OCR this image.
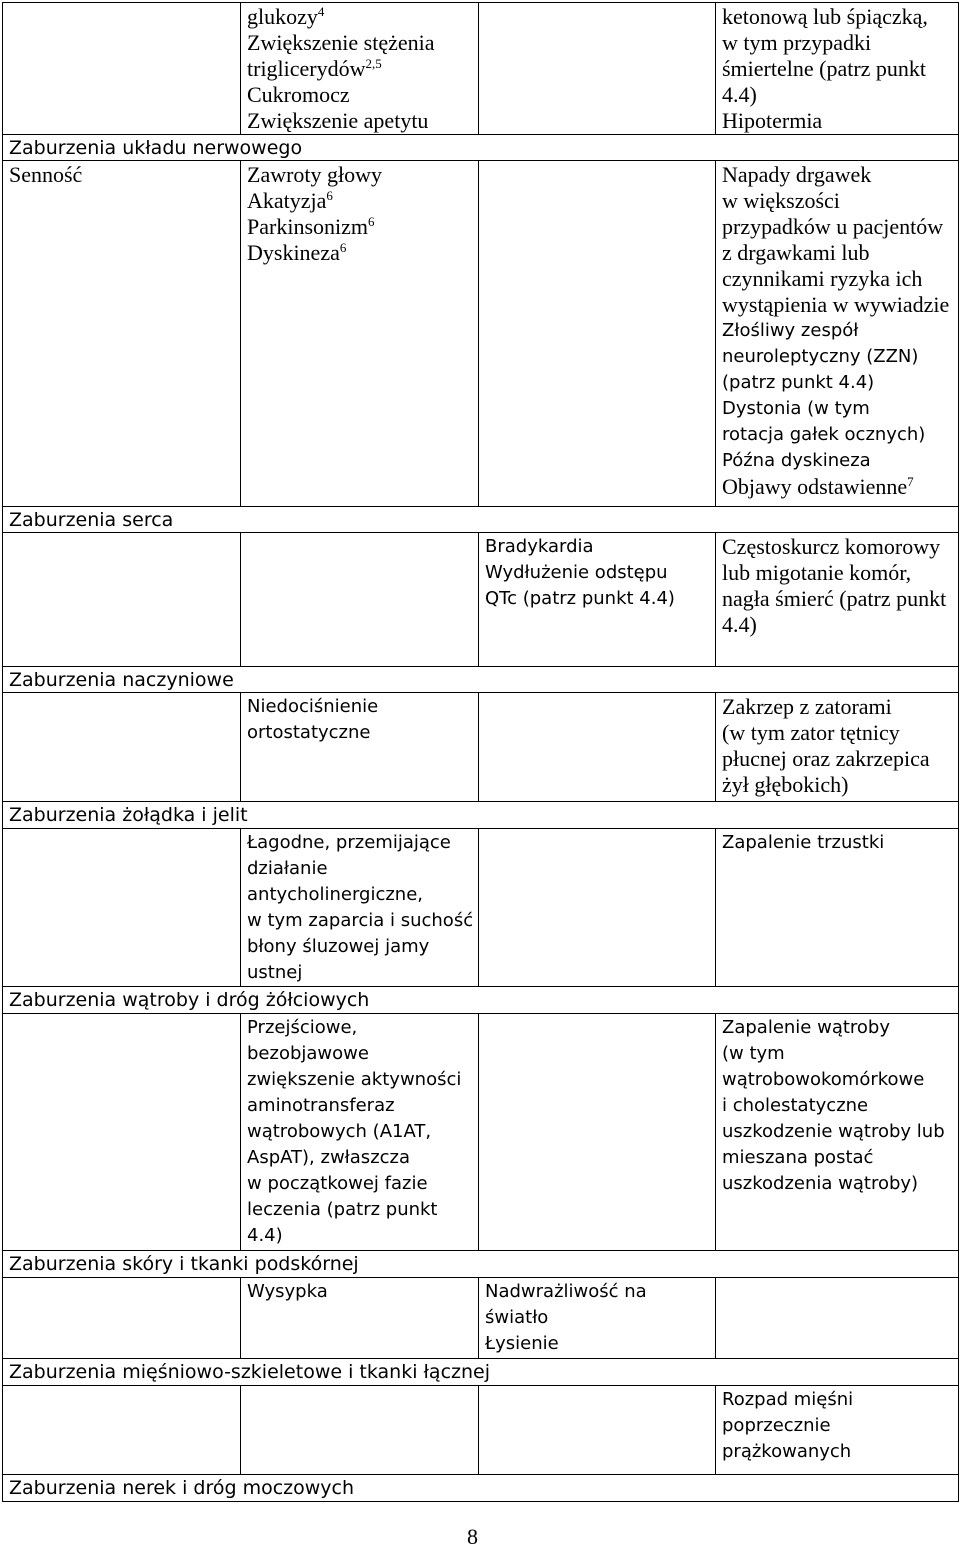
glukozy$^4$
Zwiększenie stężenia
triglicerydów$^{2,5}$
Cukromocz
Zwiększenie apetytu
ketonową lub śpiączką,
w tym przypadki
śmiertelne (patrz punkt
4.4)
Hipotermia
Zaburzenia układu nerwowego
Senność	Zawroty głowy
Akatyzja$^6$
Parkinsonizm$^6$
Dyskineza$^6$
Napady drgawek
w większości
przypadków u pacjentów
z drgawkami lub
czynnikami ryzyka ich
wystąpienia w wywiadzie
Złośliwy zespół
neuroleptyczny (ZZN)
(patrz punkt 4.4)
Dystonia (w tym
rotacja gałek ocznych)
Późna dyskineza
Objawy odstawienne$^7$
Zaburzenia serca
Bradykardia
Wydłużenie odstępu
QTc (patrz punkt 4.4)
Częstoskurcz komorowy
lub migotanie komór,
nagła śmierć (patrz punkt
4.4)
Zaburzenia naczyniowe
Niedociśnienie
ortostatyczne
Zakrzep z zatorami
(w tym zator tętnicy
płucnej oraz zakrzepica
żył głębokich)
Zaburzenia żołądka i jelit
Łagodne, przemijające
działanie
antycholinergiczne,
w tym zaparcia i suchość
błony śluzowej jamy
ustnej
Zapalenie trzustki
Zaburzenia wątroby i dróg żółciowych
Przejściowe,
bezobjawowe
zwiększenie aktywności
aminotransferaz
wątrobowych (A1AT,
AspAT), zwłaszcza
w początkowej fazie
leczenia (patrz punkt
4.4)
Zapalenie wątroby
(w tym
wątrobowokomórkowe
i cholestatyczne
uszkodzenie wątroby lub
mieszana postać
uszkodzenia wątroby)
Zaburzenia skóry i tkanki podskórnej
Wysypka	Nadwrażliwość na
światło
Łysienie
Zaburzenia mięśniowo-szkieletowe i tkanki łącznej
Rozpad mięśni
poprzecznie
prążkowanych
Zaburzenia nerek i dróg moczowych
8
